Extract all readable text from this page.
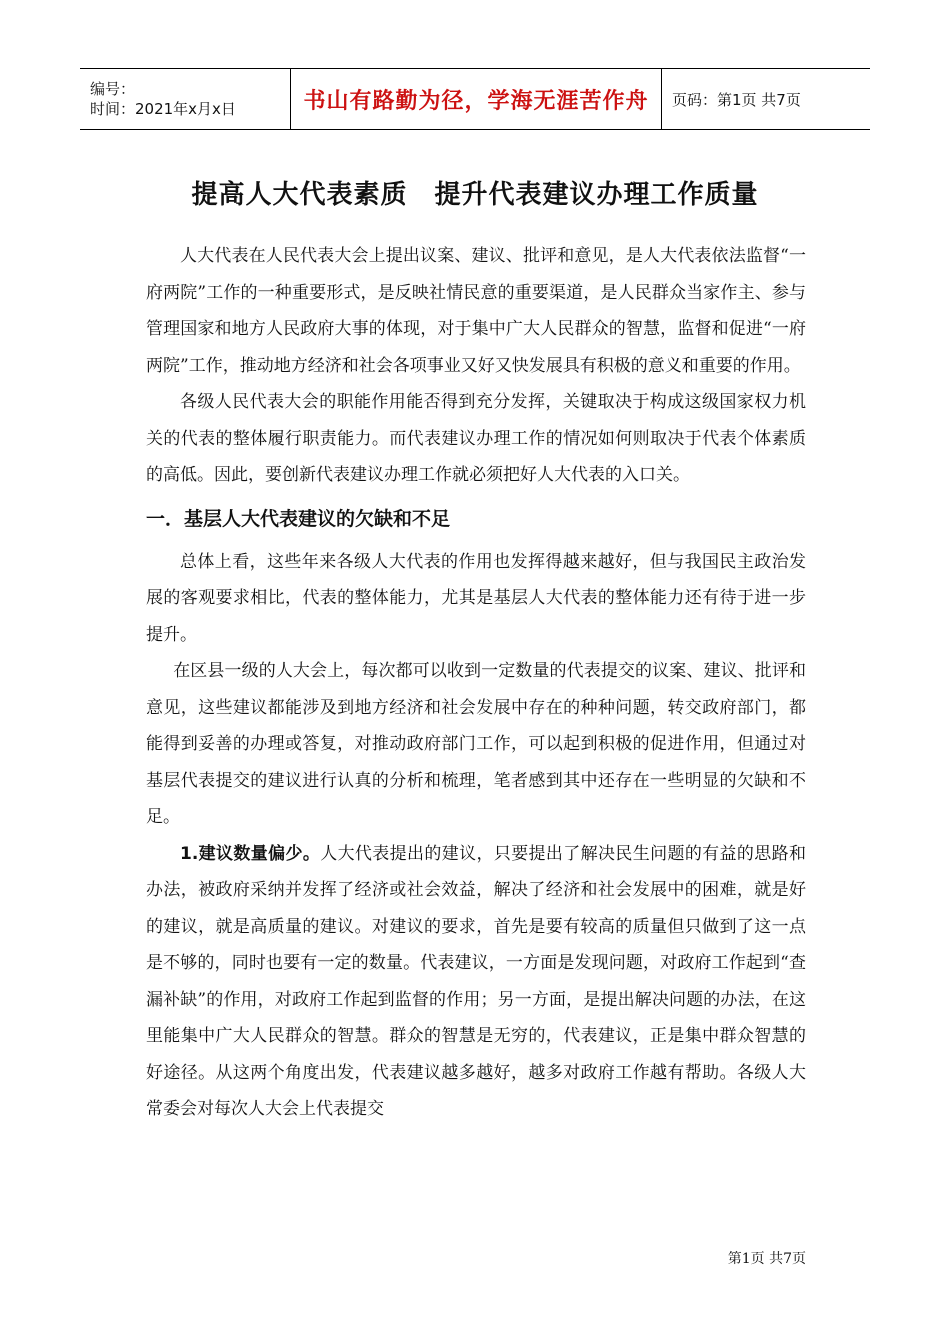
编号：
时间：2021年x月x日	书山有路勤为径，学海无涯苦作舟 页码：第1页 共7页
提高人大代表素质　提升代表建议办理工作质量

人大代表在人民代表大会上提出议案、建议、批评和意见，是人大代表依法监督“一府两院”工作的一种重要形式，是反映社情民意的重要渠道，是人民群众当家作主、参与管理国家和地方人民政府大事的体现，对于集中广大人民群众的智慧，监督和促进“一府两院”工作，推动地方经济和社会各项事业又好又快发展具有积极的意义和重要的作用。

各级人民代表大会的职能作用能否得到充分发挥，关键取决于构成这级国家权力机关的代表的整体履行职责能力。而代表建议办理工作的情况如何则取决于代表个体素质的高低。因此，要创新代表建议办理工作就必须把好人大代表的入口关。

一．基层人大代表建议的欠缺和不足

总体上看，这些年来各级人大代表的作用也发挥得越来越好，但与我国民主政治发展的客观要求相比，代表的整体能力，尤其是基层人大代表的整体能力还有待于进一步提升。

在区县一级的人大会上，每次都可以收到一定数量的代表提交的议案、建议、批评和意见，这些建议都能涉及到地方经济和社会发展中存在的种种问题，转交政府部门，都能得到妥善的办理或答复，对推动政府部门工作，可以起到积极的促进作用，但通过对基层代表提交的建议进行认真的分析和梳理，笔者感到其中还存在一些明显的欠缺和不足。

1.建议数量偏少。人大代表提出的建议，只要提出了解决民生问题的有益的思路和办法，被政府采纳并发挥了经济或社会效益，解决了经济和社会发展中的困难，就是好的建议，就是高质量的建议。对建议的要求，首先是要有较高的质量但只做到了这一点是不够的，同时也要有一定的数量。代表建议，一方面是发现问题，对政府工作起到“查漏补缺”的作用，对政府工作起到监督的作用；另一方面，是提出解决问题的办法，在这里能集中广大人民群众的智慧。群众的智慧是无穷的，代表建议，正是集中群众智慧的好途径。从这两个角度出发，代表建议越多越好，越多对政府工作越有帮助。各级人大常委会对每次人大会上代表提交

第1页 共7页
